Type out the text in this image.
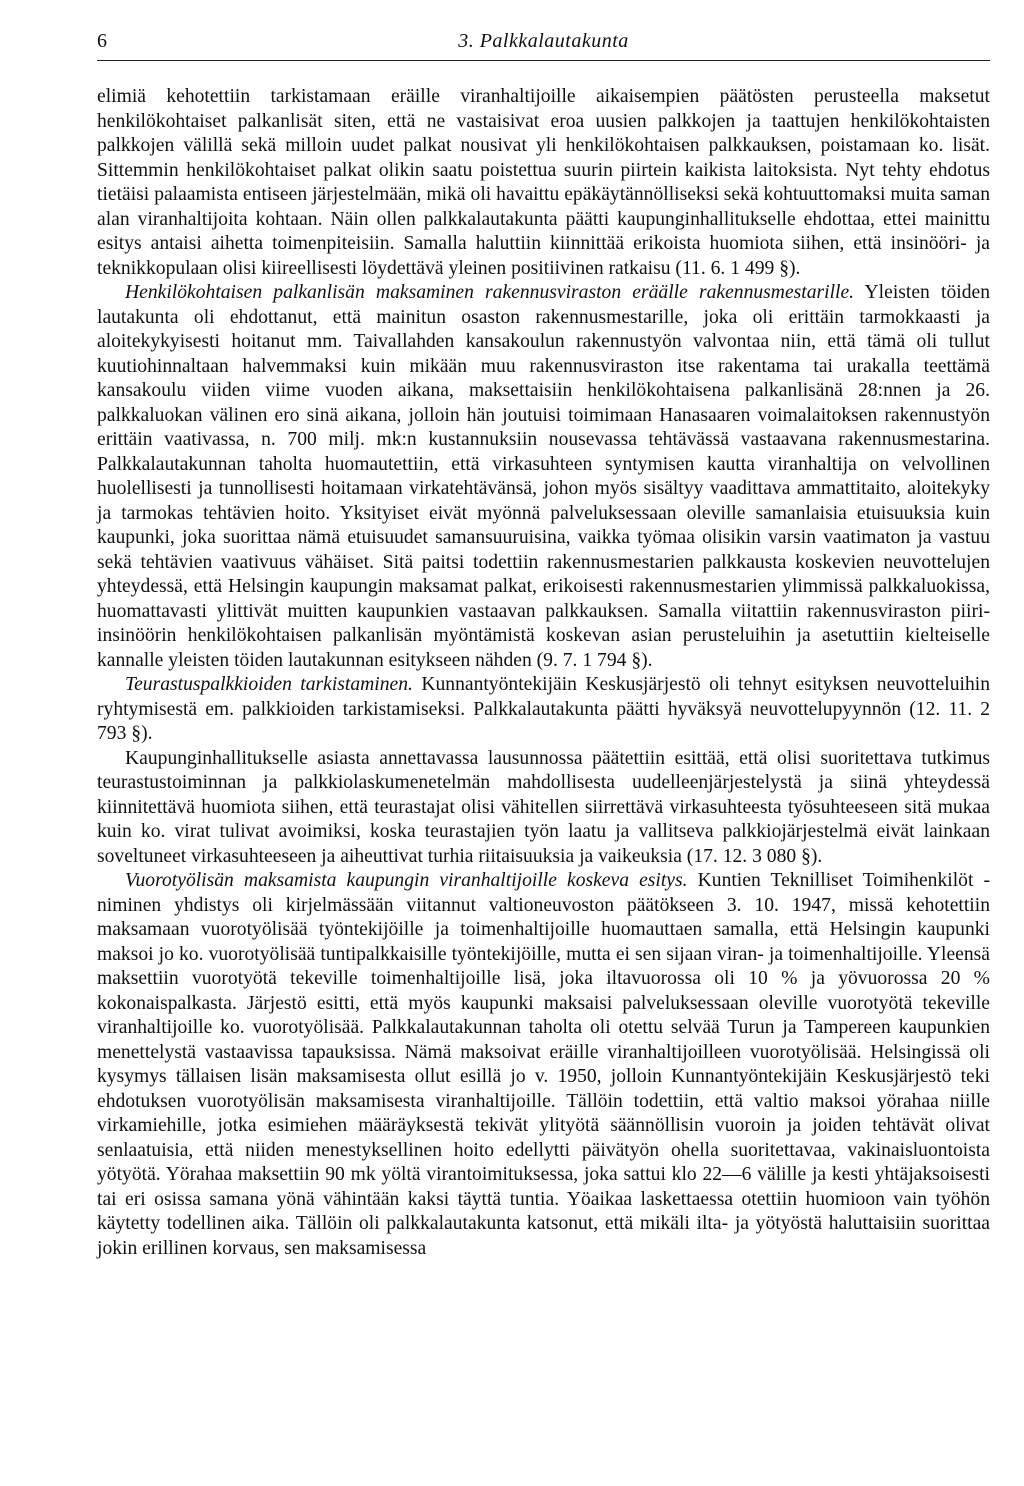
6	3. Palkkalautakunta

elimiä kehotettiin tarkistamaan eräille viranhaltijoille aikaisempien päätösten perusteella maksetut henkilökohtaiset palkanlisät siten, että ne vastaisivat eroa uusien palkkojen ja taattujen henkilökohtaisten palkkojen välillä sekä milloin uudet palkat nousivat yli henkilökohtaisen palkkauksen, poistamaan ko. lisät. Sittemmin henkilökohtaiset palkat olikin saatu poistettua suurin piirtein kaikista laitoksista. Nyt tehty ehdotus tietäisi palaamista entiseen järjestelmään, mikä oli havaittu epäkäytännölliseksi sekä kohtuuttomaksi muita saman alan viranhaltijoita kohtaan. Näin ollen palkkalautakunta päätti kaupunginhallitukselle ehdottaa, ettei mainittu esitys antaisi aihetta toimenpiteisiin. Samalla haluttiin kiinnittää erikoista huomiota siihen, että insinööri- ja teknikkopulaan olisi kiireellisesti löydettävä yleinen positiivinen ratkaisu (11. 6. 1 499 §).

Henkilökohtaisen palkanlisän maksaminen rakennusviraston eräälle rakennusmestarille. Yleisten töiden lautakunta oli ehdottanut, että mainitun osaston rakennusmestarille, joka oli erittäin tarmokkaasti ja aloitekykyisesti hoitanut mm. Taivallahden kansakoulun rakennustyön valvontaa niin, että tämä oli tullut kuutiohinnaltaan halvemmaksi kuin mikään muu rakennusviraston itse rakentama tai urakalla teettämä kansakoulu viiden viime vuoden aikana, maksettaisiin henkilökohtaisena palkanlisänä 28:nnen ja 26. palkkaluokan välinen ero sinä aikana, jolloin hän joutuisi toimimaan Hanasaaren voimalaitoksen rakennustyön erittäin vaativassa, n. 700 milj. mk:n kustannuksiin nousevassa tehtävässä vastaavana rakennusmestarina. Palkkalautakunnan taholta huomautettiin, että virkasuhteen syntymisen kautta viranhaltija on velvollinen huolellisesti ja tunnollisesti hoitamaan virkatehtävänsä, johon myös sisältyy vaadittava ammattitaito, aloitekyky ja tarmokas tehtävien hoito. Yksityiset eivät myönnä palveluksessaan oleville samanlaisia etuisuuksia kuin kaupunki, joka suorittaa nämä etuisuudet samansuuruisina, vaikka työmaa olisikin varsin vaatimaton ja vastuu sekä tehtävien vaativuus vähäiset. Sitä paitsi todettiin rakennusmestarien palkkausta koskevien neuvottelujen yhteydessä, että Helsingin kaupungin maksamat palkat, erikoisesti rakennusmestarien ylimmissä palkkaluokissa, huomattavasti ylittivät muitten kaupunkien vastaavan palkkauksen. Samalla viitattiin rakennusviraston piiri-insinöörin henkilökohtaisen palkanlisän myöntämistä koskevan asian perusteluihin ja asetuttiin kielteiselle kannalle yleisten töiden lautakunnan esitykseen nähden (9. 7. 1 794 §).

Teurastuspalkkioiden tarkistaminen. Kunnantyöntekijäin Keskusjärjestö oli tehnyt esityksen neuvotteluihin ryhtymisestä em. palkkioiden tarkistamiseksi. Palkkalautakunta päätti hyväksyä neuvottelupyynnön (12. 11. 2 793 §).

Kaupunginhallitukselle asiasta annettavassa lausunnossa päätettiin esittää, että olisi suoritettava tutkimus teurastustoiminnan ja palkkiolaskumenetelmän mahdollisesta uudelleenjärjestelystä ja siinä yhteydessä kiinnitettävä huomiota siihen, että teurastajat olisi vähitellen siirrettävä virkasuhteesta työsuhteeseen sitä mukaa kuin ko. virat tulivat avoimiksi, koska teurastajien työn laatu ja vallitseva palkkiojärjestelmä eivät lainkaan soveltuneet virkasuhteeseen ja aiheuttivat turhia riitaisuuksia ja vaikeuksia (17. 12. 3 080 §).

Vuorotyölisän maksamista kaupungin viranhaltijoille koskeva esitys. Kuntien Teknilliset Toimihenkilöt -niminen yhdistys oli kirjelmässään viitannut valtioneuvoston päätökseen 3. 10. 1947, missä kehotettiin maksamaan vuorotyölisää työntekijöille ja toimenhaltijoille huomauttaen samalla, että Helsingin kaupunki maksoi jo ko. vuorotyölisää tuntipalkkaisille työntekijöille, mutta ei sen sijaan viran- ja toimenhaltijoille. Yleensä maksettiin vuorotyötä tekeville toimenhaltijoille lisä, joka iltavuorossa oli 10 % ja yövuorossa 20 % kokonaispalkasta. Järjestö esitti, että myös kaupunki maksaisi palveluksessaan oleville vuorotyötä tekeville viranhaltijoille ko. vuorotyölisää. Palkkalautakunnan taholta oli otettu selvää Turun ja Tampereen kaupunkien menettelystä vastaavissa tapauksissa. Nämä maksoivat eräille viranhaltijoilleen vuorotyölisää. Helsingissä oli kysymys tällaisen lisän maksamisesta ollut esillä jo v. 1950, jolloin Kunnantyöntekijäin Keskusjärjestö teki ehdotuksen vuorotyölisän maksamisesta viranhaltijoille. Tällöin todettiin, että valtio maksoi yörahaa niille virkamiehille, jotka esimiehen määräyksestä tekivät ylityötä säännöllisin vuoroin ja joiden tehtävät olivat senlaatuisia, että niiden menestyksellinen hoito edellytti päivätyön ohella suoritettavaa, vakinaisluontoista yötyötä. Yörahaa maksettiin 90 mk yöltä virantoimituksessa, joka sattui klo 22—6 välille ja kesti yhtäjaksoisesti tai eri osissa samana yönä vähintään kaksi täyttä tuntia. Yöaikaa laskettaessa otettiin huomioon vain työhön käytetty todellinen aika. Tällöin oli palkkalautakunta katsonut, että mikäli ilta- ja yötyöstä haluttaisiin suorittaa jokin erillinen korvaus, sen maksamisessa
